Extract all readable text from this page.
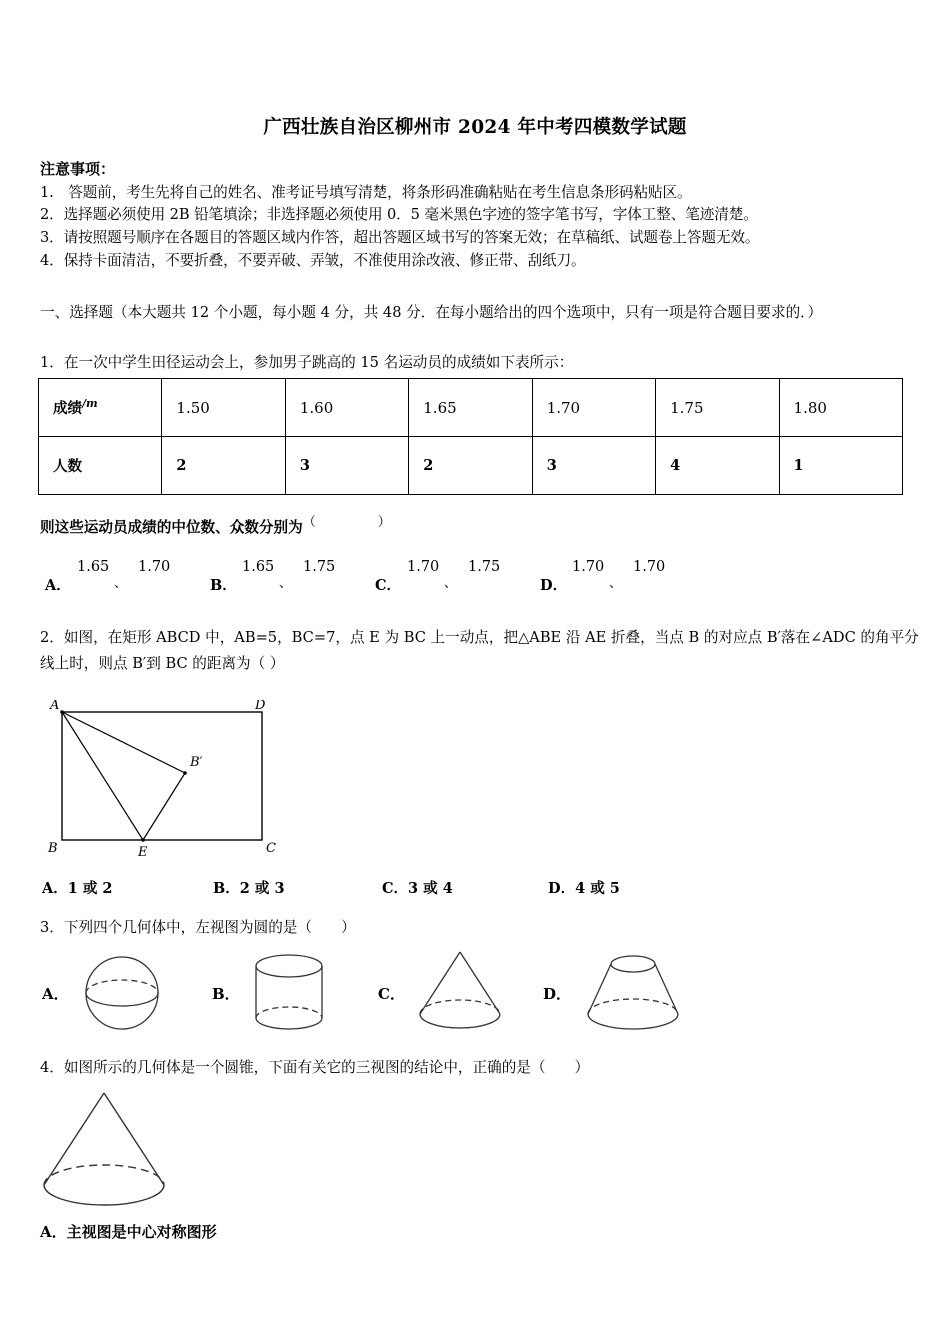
广西壮族自治区柳州市 2024 年中考四模数学试题
注意事项：
1.　答题前，考生先将自己的姓名、准考证号填写清楚，将条形码准确粘贴在考生信息条形码粘贴区。
2．选择题必须使用 2B 铅笔填涂；非选择题必须使用 0．5 毫米黑色字迹的签字笔书写，字体工整、笔迹清楚。
3．请按照题号顺序在各题目的答题区域内作答，超出答题区域书写的答案无效；在草稿纸、试题卷上答题无效。
4．保持卡面清洁，不要折叠，不要弄破、弄皱，不准使用涂改液、修正带、刮纸刀。
一、选择题（本大题共 12 个小题，每小题 4 分，共 48 分．在每小题给出的四个选项中，只有一项是符合题目要求的．）
1．在一次中学生田径运动会上，参加男子跳高的 15 名运动员的成绩如下表所示：
成绩$^{/m}$	1.50	1.60	1.65	1.70	1.75	1.80
人数	2	3	2	3	4	1
则这些运动员成绩的中位数、众数分别为（　　）
A．
1.65
、
1.70
B．
1.65
、
1.75
C．
1.70
、
1.75
D．
1.70
、
1.70
2．如图，在矩形 ABCD 中，AB=5，BC=7，点 E 为 BC 上一动点，把△ABE 沿 AE 折叠，当点 B 的对应点 B′落在∠ADC 的角平分线上时，则点 B′到 BC 的距离为（ ）
A	D
B	C
E
B′
A．1 或 2	B．2 或 3	C．3 或 4	D．4 或 5
3．下列四个几何体中，左视图为圆的是（　　）
A．	B．	C．	D．
4．如图所示的几何体是一个圆锥，下面有关它的三视图的结论中，正确的是（　　）
A．主视图是中心对称图形
